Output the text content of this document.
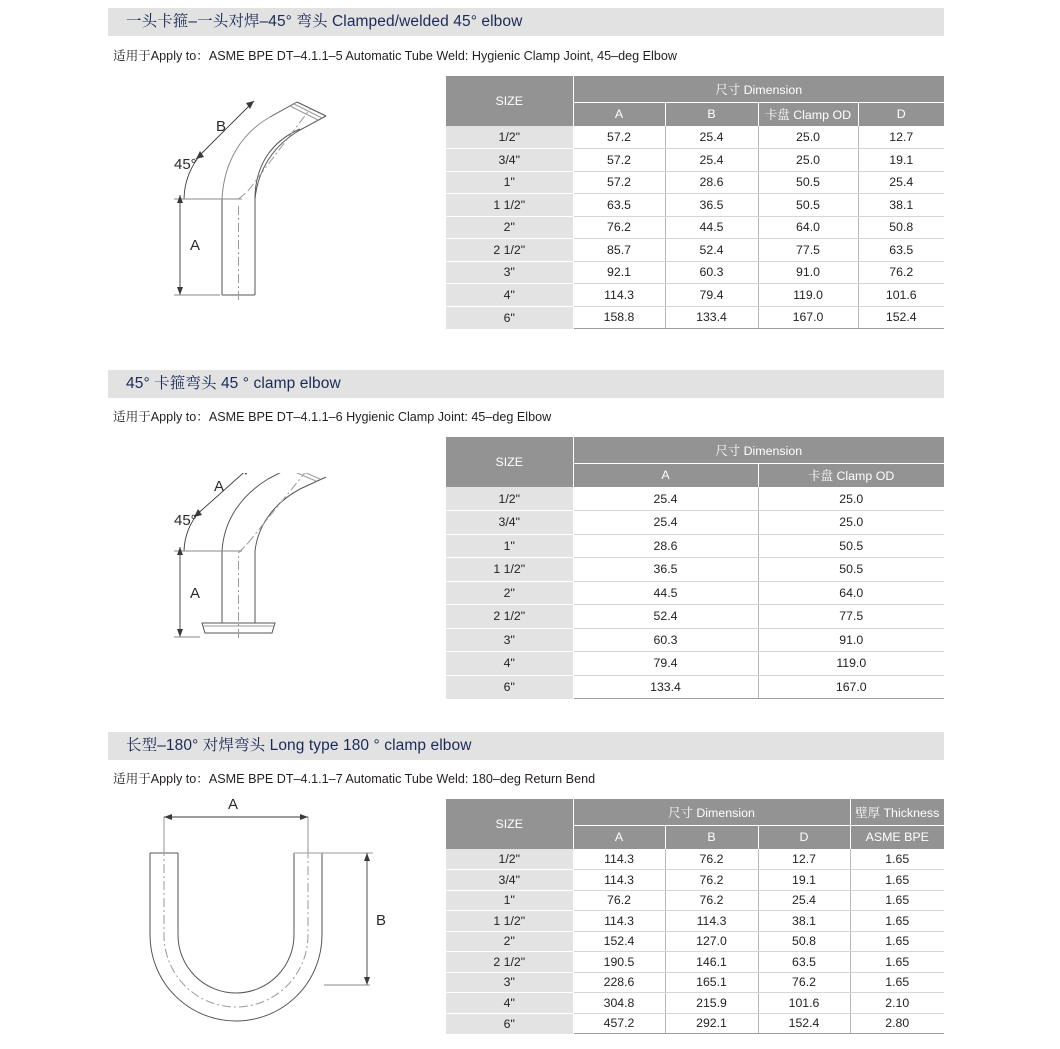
一头卡箍–一头对焊–45° 弯头 Clamped/welded 45° elbow
适用于Apply to：ASME BPE DT–4.1.1–5 Automatic Tube Weld: Hygienic Clamp Joint, 45–deg Elbow
B
45°
A
SIZE	尺寸 Dimension			
	A	B	卡盘 Clamp OD	D
1/2"	57.2	25.4	25.0	12.7
3/4"	57.2	25.4	25.0	19.1
1"	57.2	28.6	50.5	25.4
1 1/2"	63.5	36.5	50.5	38.1
2"	76.2	44.5	64.0	50.8
2 1/2"	85.7	52.4	77.5	63.5
3"	92.1	60.3	91.0	76.2
4"	114.3	79.4	119.0	101.6
6"	158.8	133.4	167.0	152.4
45° 卡箍弯头 45 ° clamp elbow
适用于Apply to：ASME BPE DT–4.1.1–6 Hygienic Clamp Joint: 45–deg Elbow
A
45°
A
SIZE	尺寸 Dimension	
	A	卡盘 Clamp OD
1/2"	25.4	25.0
3/4"	25.4	25.0
1"	28.6	50.5
1 1/2"	36.5	50.5
2"	44.5	64.0
2 1/2"	52.4	77.5
3"	60.3	91.0
4"	79.4	119.0
6"	133.4	167.0
长型–180° 对焊弯头 Long type 180 ° clamp elbow
适用于Apply to：ASME BPE DT–4.1.1–7 Automatic Tube Weld: 180–deg Return Bend
A
B
SIZE	尺寸 Dimension			壁厚 Thickness
	A	B	D	ASME BPE
1/2"	114.3	76.2	12.7	1.65
3/4"	114.3	76.2	19.1	1.65
1"	76.2	76.2	25.4	1.65
1 1/2"	114.3	114.3	38.1	1.65
2"	152.4	127.0	50.8	1.65
2 1/2"	190.5	146.1	63.5	1.65
3"	228.6	165.1	76.2	1.65
4"	304.8	215.9	101.6	2.10
6"	457.2	292.1	152.4	2.80
